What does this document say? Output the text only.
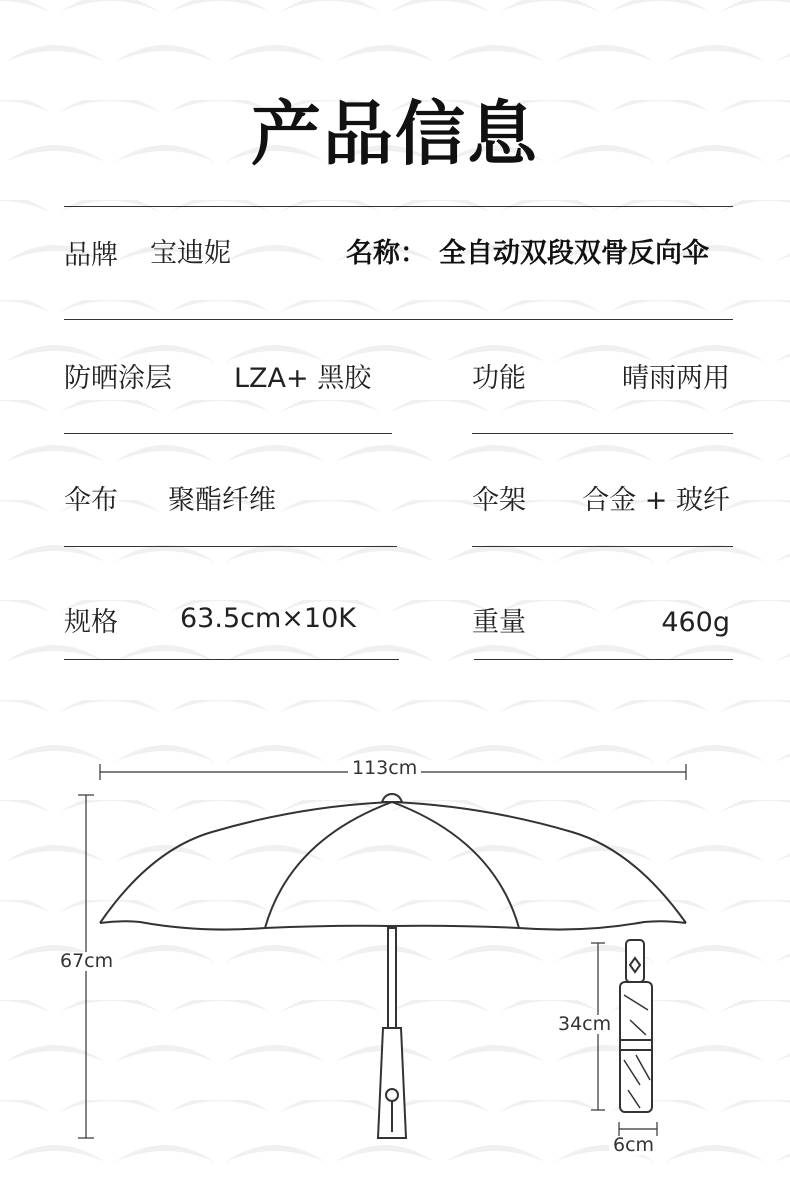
产品信息
品牌 宝迪妮	名称： 全自动双段双骨反向伞
防晒涂层 LZA+ 黑胶	功能	晴雨两用
伞布 聚酯纤维	伞架	合金 + 玻纤
规格 63.5cm×10K	重量	460g
113cm
67cm
34cm
6cm
